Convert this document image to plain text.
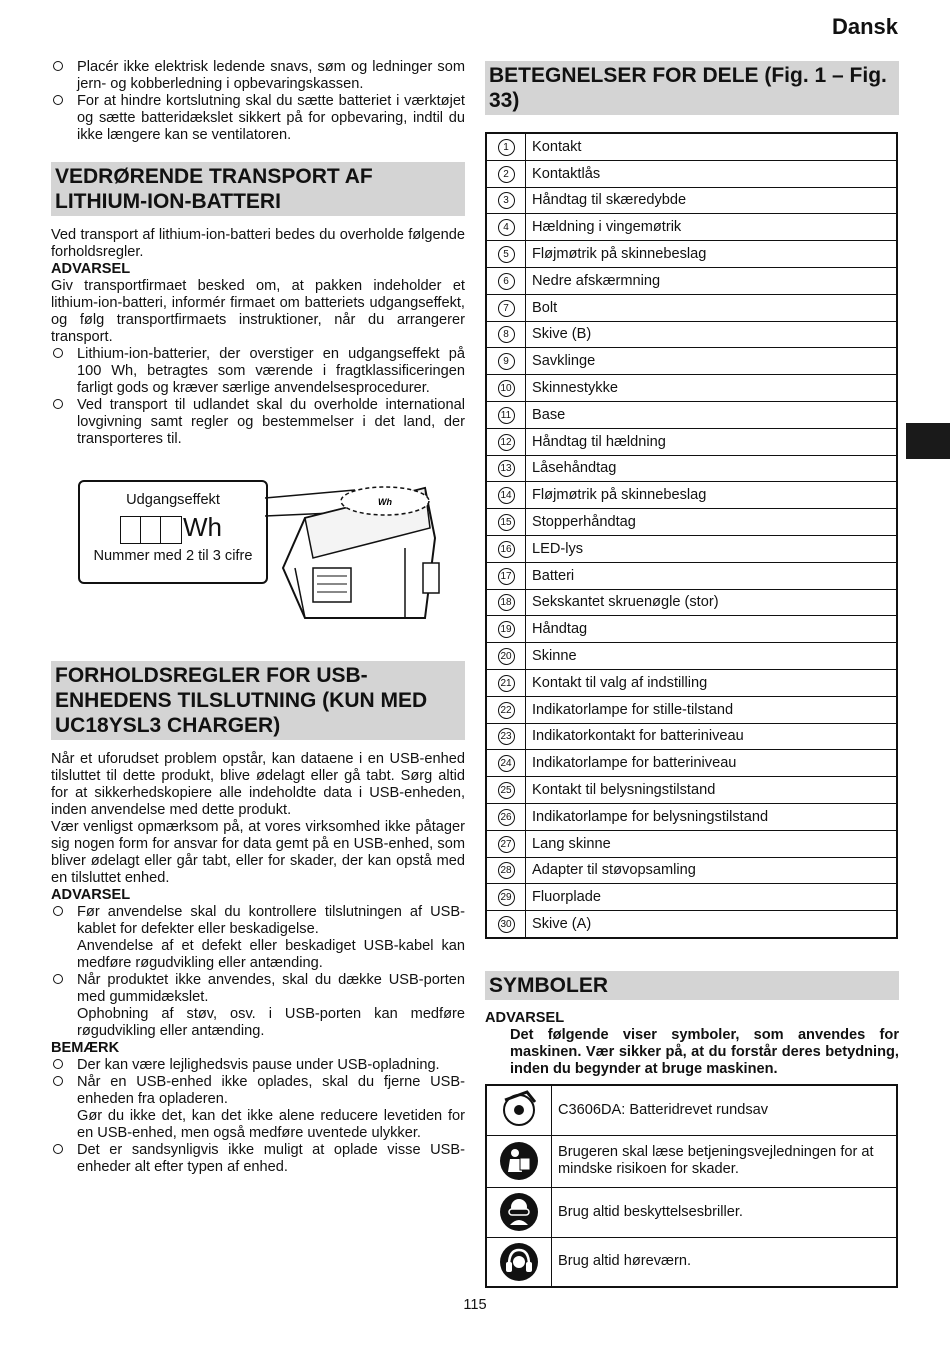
Dansk
Placér ikke elektrisk ledende snavs, søm og ledninger som jern- og kobberledning i opbevaringskassen.
For at hindre kortslutning skal du sætte batteriet i værktøjet og sætte batteridækslet sikkert på for opbevaring, indtil du ikke længere kan se ventilatoren.
VEDRØRENDE TRANSPORT AF LITHIUM-ION-BATTERI

Ved transport af lithium-ion-batteri bedes du overholde følgende forholdsregler.

ADVARSEL

Giv transportfirmaet besked om, at pakken indeholder et lithium-ion-batteri, informér firmaet om batteriets udgangseffekt, og følg transportfirmaets instruktioner, når du arrangerer transport.

Lithium-ion-batterier, der overstiger en udgangseffekt på 100 Wh, betragtes som værende i fragtklassificeringen farligt gods og kræver særlige anvendelsesprocedurer.
Ved transport til udlandet skal du overholde international lovgivning samt regler og bestemmelser i det land, der transporteres til.
Udgangseffekt
Wh
Nummer med 2 til 3 cifre
Wh
FORHOLDSREGLER FOR USB-ENHEDENS TILSLUTNING (KUN MED UC18YSL3 CHARGER)

Når et uforudset problem opstår, kan dataene i en USB-enhed tilsluttet til dette produkt, blive ødelagt eller gå tabt. Sørg altid for at sikkerhedskopiere alle indeholdte data i USB-enheden, inden anvendelse med dette produkt.

Vær venligst opmærksom på, at vores virksomhed ikke påtager sig nogen form for ansvar for data gemt på en USB-enhed, som bliver ødelagt eller går tabt, eller for skader, der kan opstå med en tilsluttet enhed.

ADVARSEL
Før anvendelse skal du kontrollere tilslutningen af USB-kablet for defekter eller beskadigelse.
Anvendelse af et defekt eller beskadiget USB-kabel kan medføre røgudvikling eller antænding.
Når produktet ikke anvendes, skal du dække USB-porten med gummidækslet.
Ophobning af støv, osv. i USB-porten kan medføre røgudvikling eller antænding.
BEMÆRK
Der kan være lejlighedsvis pause under USB-opladning.
Når en USB-enhed ikke oplades, skal du fjerne USB-enheden fra opladeren.
Gør du ikke det, kan det ikke alene reducere levetiden for en USB-enhed, men også medføre uventede ulykker.
Det er sandsynligvis ikke muligt at oplade visse USB-enheder alt efter typen af enhed.
BETEGNELSER FOR DELE (Fig. 1 – Fig. 33)
1	Kontakt
2	Kontaktlås
3	Håndtag til skæredybde
4	Hældning i vingemøtrik
5	Fløjmøtrik på skinnebeslag
6	Nedre afskærmning
7	Bolt
8	Skive (B)
9	Savklinge
10	Skinnestykke
11	Base
12	Håndtag til hældning
13	Låsehåndtag
14	Fløjmøtrik på skinnebeslag
15	Stopperhåndtag
16	LED-lys
17	Batteri
18	Sekskantet skruenøgle (stor)
19	Håndtag
20	Skinne
21	Kontakt til valg af indstilling
22	Indikatorlampe for stille-tilstand
23	Indikatorkontakt for batteriniveau
24	Indikatorlampe for batteriniveau
25	Kontakt til belysningstilstand
26	Indikatorlampe for belysningstilstand
27	Lang skinne
28	Adapter til støvopsamling
29	Fluorplade
30	Skive (A)
SYMBOLER
ADVARSEL
Det følgende viser symboler, som anvendes for maskinen. Vær sikker på, at du forstår deres betydning, inden du begynder at bruge maskinen.
	C3606DA: Batteridrevet rundsav
	Brugeren skal læse betjeningsvejledningen for at mindske risikoen for skader.
	Brug altid beskyttelsesbriller.
	Brug altid høreværn.
115
